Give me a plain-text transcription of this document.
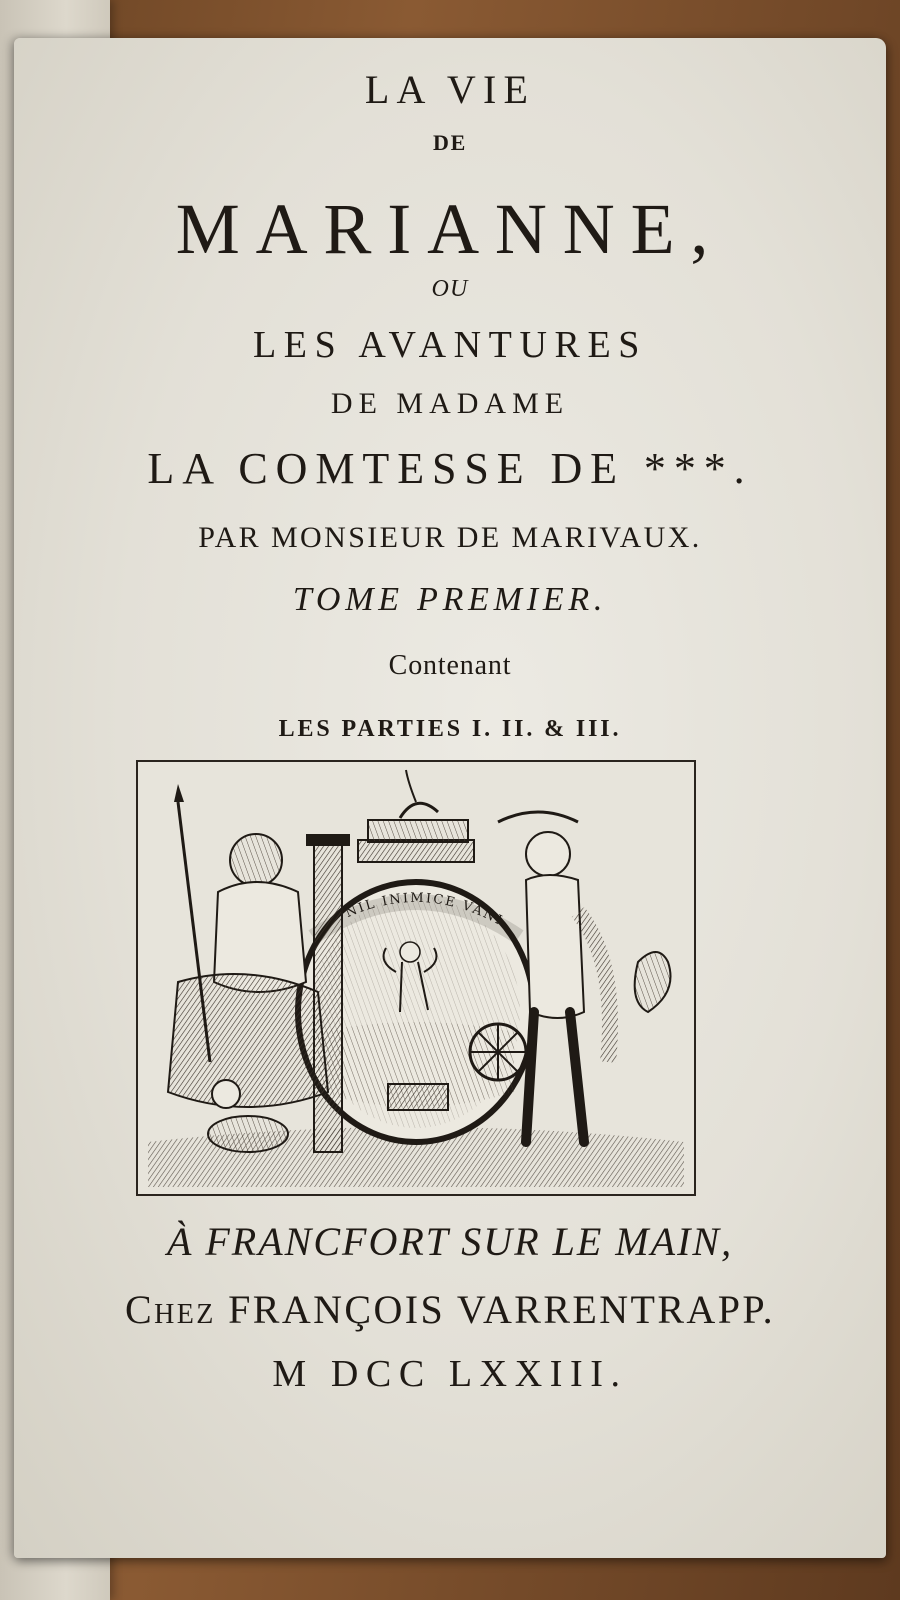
LA VIE
DE
MARIANNE,
OU
LES AVANTURES
DE MADAME
LA COMTESSE DE ***.
PAR MONSIEUR DE MARIVAUX.
TOME PREMIER.
Contenant
LES PARTIES I. II. & III.
NIL INIMICE VANI
À FRANCFORT SUR LE MAIN,
Chez FRANÇOIS VARRENTRAPP.
M DCC LXXIII.
